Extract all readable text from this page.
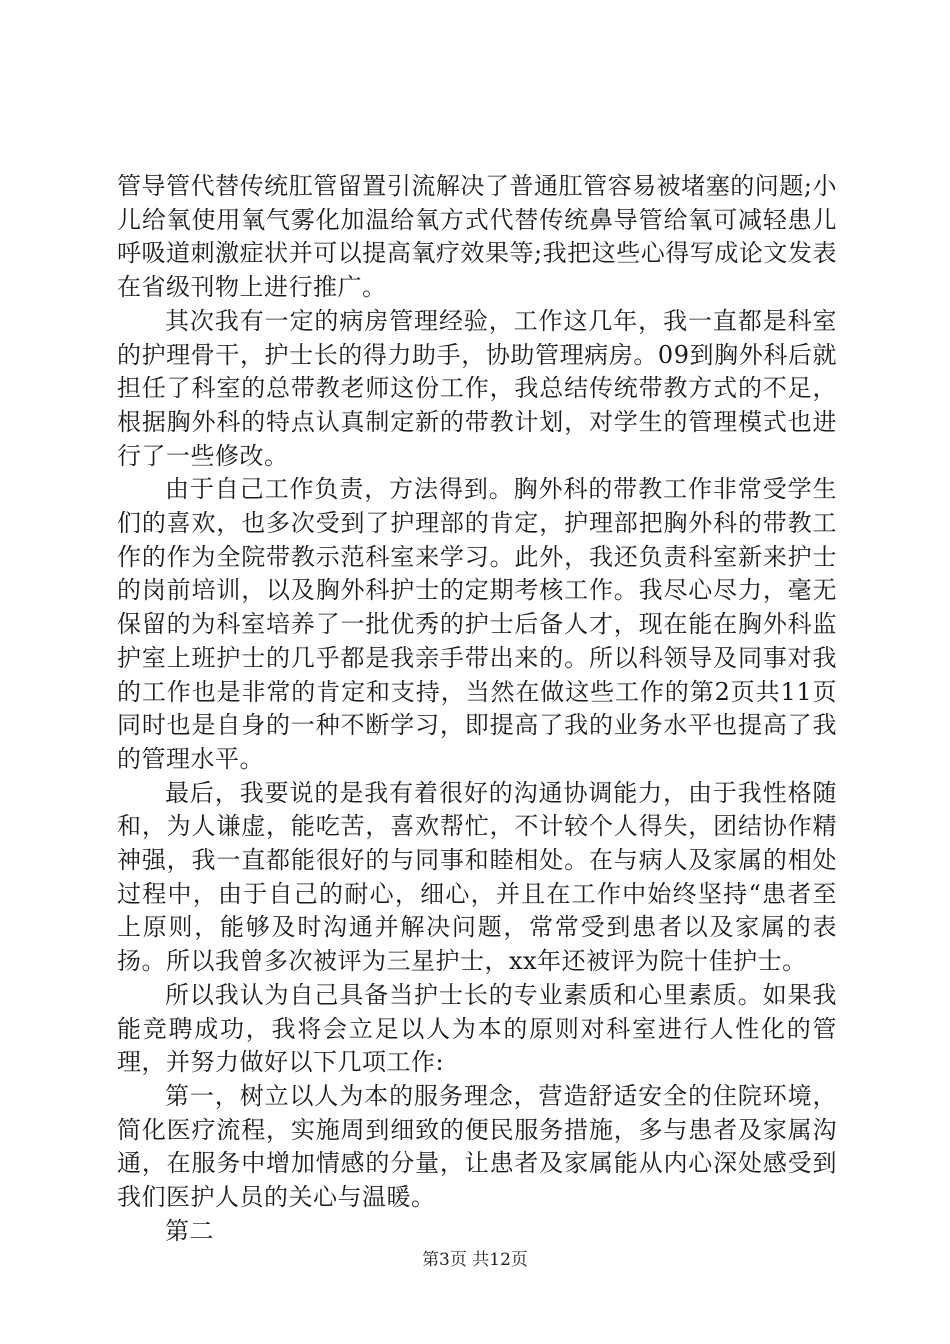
管导管代替传统肛管留置引流解决了普通肛管容易被堵塞的问题;小儿给氧使用氧气雾化加温给氧方式代替传统鼻导管给氧可减轻患儿呼吸道刺激症状并可以提高氧疗效果等;我把这些心得写成论文发表在省级刊物上进行推广。

其次我有一定的病房管理经验，工作这几年，我一直都是科室的护理骨干，护士长的得力助手，协助管理病房。09到胸外科后就担任了科室的总带教老师这份工作，我总结传统带教方式的不足，根据胸外科的特点认真制定新的带教计划，对学生的管理模式也进行了一些修改。

由于自己工作负责，方法得到。胸外科的带教工作非常受学生们的喜欢，也多次受到了护理部的肯定，护理部把胸外科的带教工作的作为全院带教示范科室来学习。此外，我还负责科室新来护士的岗前培训，以及胸外科护士的定期考核工作。我尽心尽力，毫无保留的为科室培养了一批优秀的护士后备人才，现在能在胸外科监护室上班护士的几乎都是我亲手带出来的。所以科领导及同事对我的工作也是非常的肯定和支持，当然在做这些工作的第2页共11页同时也是自身的一种不断学习，即提高了我的业务水平也提高了我的管理水平。

最后，我要说的是我有着很好的沟通协调能力，由于我性格随和，为人谦虚，能吃苦，喜欢帮忙，不计较个人得失，团结协作精神强，我一直都能很好的与同事和睦相处。在与病人及家属的相处过程中，由于自己的耐心，细心，并且在工作中始终坚持“患者至上原则，能够及时沟通并解决问题，常常受到患者以及家属的表扬。所以我曾多次被评为三星护士，xx年还被评为院十佳护士。

所以我认为自己具备当护士长的专业素质和心里素质。如果我能竞聘成功，我将会立足以人为本的原则对科室进行人性化的管理，并努力做好以下几项工作:

第一，树立以人为本的服务理念，营造舒适安全的住院环境，简化医疗流程，实施周到细致的便民服务措施，多与患者及家属沟通，在服务中增加情感的分量，让患者及家属能从内心深处感受到我们医护人员的关心与温暖。

第二

第3页 共12页
